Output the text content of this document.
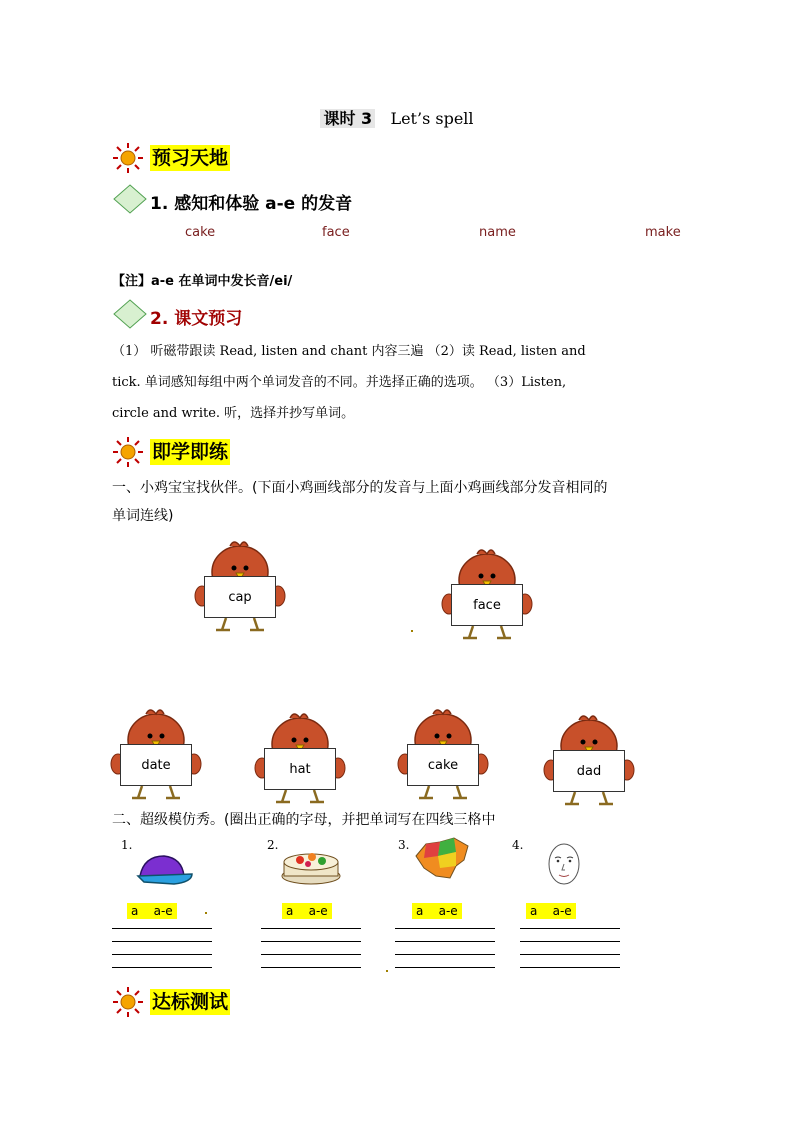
课时 3 Let’s spell
预习天地
1. 感知和体验 a-e 的发音
cake	face	name	make
【注】a-e 在单词中发长音/ei/
2. 课文预习
（1） 听磁带跟读 Read, listen and chant 内容三遍 （2）读 Read, listen and
tick. 单词感知每组中两个单词发音的不同。并选择正确的选项。 （3）Listen,
circle and write. 听，选择并抄写单词。
即学即练
一、小鸡宝宝找伙伴。(下面小鸡画线部分的发音与上面小鸡画线部分发音相同的
单词连线)
cap
face
date	hat	cake	dad
二、超级模仿秀。(圈出正确的字母，并把单词写在四线三格中
1.	2.	3.	4.
a    a-e	a    a-e	a    a-e	a    a-e
达标测试
